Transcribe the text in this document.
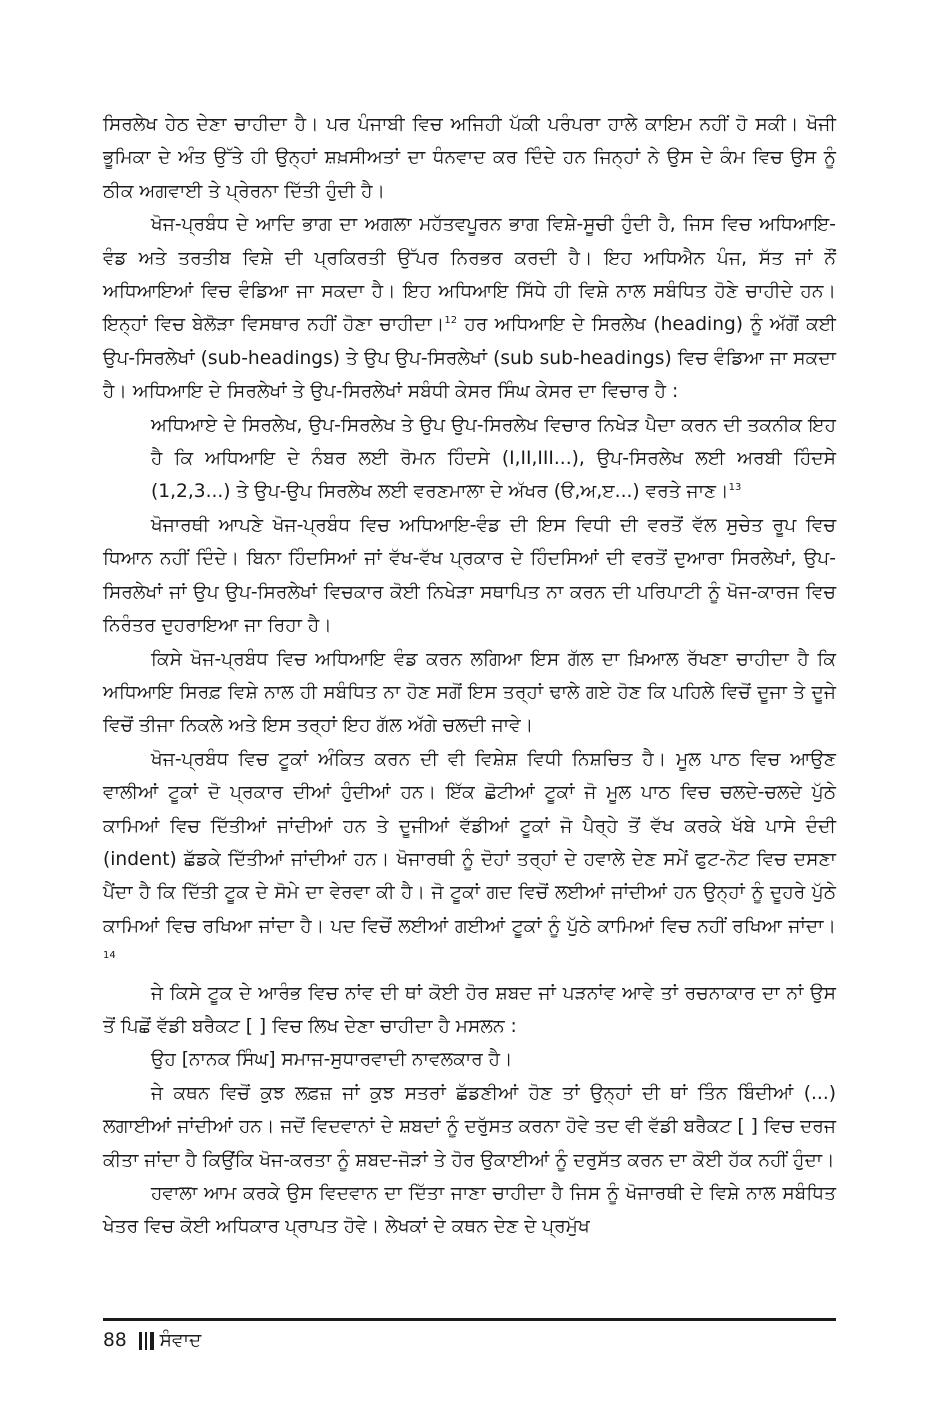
ਸਿਰਲੇਖ ਹੇਠ ਦੇਣਾ ਚਾਹੀਦਾ ਹੈ। ਪਰ ਪੰਜਾਬੀ ਵਿਚ ਅਜਿਹੀ ਪੱਕੀ ਪਰੰਪਰਾ ਹਾਲੇ ਕਾਇਮ ਨਹੀਂ ਹੋ ਸਕੀ। ਖੋਜੀ ਭੂਮਿਕਾ ਦੇ ਅੰਤ ਉੱਤੇ ਹੀ ਉਨ੍ਹਾਂ ਸ਼ਖ਼ਸੀਅਤਾਂ ਦਾ ਧੰਨਵਾਦ ਕਰ ਦਿੰਦੇ ਹਨ ਜਿਨ੍ਹਾਂ ਨੇ ਉਸ ਦੇ ਕੰਮ ਵਿਚ ਉਸ ਨੂੰ ਠੀਕ ਅਗਵਾਈ ਤੇ ਪ੍ਰੇਰਨਾ ਦਿੱਤੀ ਹੁੰਦੀ ਹੈ।

ਖੋਜ-ਪ੍ਰਬੰਧ ਦੇ ਆਦਿ ਭਾਗ ਦਾ ਅਗਲਾ ਮਹੱਤਵਪੂਰਨ ਭਾਗ ਵਿਸ਼ੇ-ਸੂਚੀ ਹੁੰਦੀ ਹੈ, ਜਿਸ ਵਿਚ ਅਧਿਆਇ-ਵੰਡ ਅਤੇ ਤਰਤੀਬ ਵਿਸ਼ੇ ਦੀ ਪ੍ਰਕਿਰਤੀ ਉੱਪਰ ਨਿਰਭਰ ਕਰਦੀ ਹੈ। ਇਹ ਅਧਿਐਨ ਪੰਜ, ਸੱਤ ਜਾਂ ਨੌਂ ਅਧਿਆਇਆਂ ਵਿਚ ਵੰਡਿਆ ਜਾ ਸਕਦਾ ਹੈ। ਇਹ ਅਧਿਆਇ ਸਿੱਧੇ ਹੀ ਵਿਸ਼ੇ ਨਾਲ ਸਬੰਧਿਤ ਹੋਣੇ ਚਾਹੀਦੇ ਹਨ। ਇਨ੍ਹਾਂ ਵਿਚ ਬੇਲੋੜਾ ਵਿਸਥਾਰ ਨਹੀਂ ਹੋਣਾ ਚਾਹੀਦਾ।$^{12}$ ਹਰ ਅਧਿਆਇ ਦੇ ਸਿਰਲੇਖ (heading) ਨੂੰ ਅੱਗੋਂ ਕਈ ਉਪ-ਸਿਰਲੇਖਾਂ (sub-headings) ਤੇ ਉਪ ਉਪ-ਸਿਰਲੇਖਾਂ (sub sub-headings) ਵਿਚ ਵੰਡਿਆ ਜਾ ਸਕਦਾ ਹੈ। ਅਧਿਆਇ ਦੇ ਸਿਰਲੇਖਾਂ ਤੇ ਉਪ-ਸਿਰਲੇਖਾਂ ਸਬੰਧੀ ਕੇਸਰ ਸਿੰਘ ਕੇਸਰ ਦਾ ਵਿਚਾਰ ਹੈ :

ਅਧਿਆਏ ਦੇ ਸਿਰਲੇਖ, ਉਪ-ਸਿਰਲੇਖ ਤੇ ਉਪ ਉਪ-ਸਿਰਲੇਖ ਵਿਚਾਰ ਨਿਖੇੜ ਪੈਦਾ ਕਰਨ ਦੀ ਤਕਨੀਕ ਇਹ ਹੈ ਕਿ ਅਧਿਆਇ ਦੇ ਨੰਬਰ ਲਈ ਰੋਮਨ ਹਿੰਦਸੇ (I,II,III...), ਉਪ-ਸਿਰਲੇਖ ਲਈ ਅਰਬੀ ਹਿੰਦਸੇ (1,2,3...) ਤੇ ਉਪ-ਉਪ ਸਿਰਲੇਖ ਲਈ ਵਰਣਮਾਲਾ ਦੇ ਅੱਖਰ (ੳ,ਅ,ੲ...) ਵਰਤੇ ਜਾਣ।$^{13}$

ਖੋਜਾਰਥੀ ਆਪਣੇ ਖੋਜ-ਪ੍ਰਬੰਧ ਵਿਚ ਅਧਿਆਇ-ਵੰਡ ਦੀ ਇਸ ਵਿਧੀ ਦੀ ਵਰਤੋਂ ਵੱਲ ਸੁਚੇਤ ਰੂਪ ਵਿਚ ਧਿਆਨ ਨਹੀਂ ਦਿੰਦੇ। ਬਿਨਾ ਹਿੰਦਸਿਆਂ ਜਾਂ ਵੱਖ-ਵੱਖ ਪ੍ਰਕਾਰ ਦੇ ਹਿੰਦਸਿਆਂ ਦੀ ਵਰਤੋਂ ਦੁਆਰਾ ਸਿਰਲੇਖਾਂ, ਉਪ-ਸਿਰਲੇਖਾਂ ਜਾਂ ਉਪ ਉਪ-ਸਿਰਲੇਖਾਂ ਵਿਚਕਾਰ ਕੋਈ ਨਿਖੇੜਾ ਸਥਾਪਿਤ ਨਾ ਕਰਨ ਦੀ ਪਰਿਪਾਟੀ ਨੂੰ ਖੋਜ-ਕਾਰਜ ਵਿਚ ਨਿਰੰਤਰ ਦੁਹਰਾਇਆ ਜਾ ਰਿਹਾ ਹੈ।

ਕਿਸੇ ਖੋਜ-ਪ੍ਰਬੰਧ ਵਿਚ ਅਧਿਆਇ ਵੰਡ ਕਰਨ ਲਗਿਆ ਇਸ ਗੱਲ ਦਾ ਖ਼ਿਆਲ ਰੱਖਣਾ ਚਾਹੀਦਾ ਹੈ ਕਿ ਅਧਿਆਇ ਸਿਰਫ਼ ਵਿਸ਼ੇ ਨਾਲ ਹੀ ਸਬੰਧਿਤ ਨਾ ਹੋਣ ਸਗੋਂ ਇਸ ਤਰ੍ਹਾਂ ਢਾਲੇ ਗਏ ਹੋਣ ਕਿ ਪਹਿਲੇ ਵਿਚੋਂ ਦੂਜਾ ਤੇ ਦੂਜੇ ਵਿਚੋਂ ਤੀਜਾ ਨਿਕਲੇ ਅਤੇ ਇਸ ਤਰ੍ਹਾਂ ਇਹ ਗੱਲ ਅੱਗੇ ਚਲਦੀ ਜਾਵੇ।

ਖੋਜ-ਪ੍ਰਬੰਧ ਵਿਚ ਟੂਕਾਂ ਅੰਕਿਤ ਕਰਨ ਦੀ ਵੀ ਵਿਸ਼ੇਸ਼ ਵਿਧੀ ਨਿਸ਼ਚਿਤ ਹੈ। ਮੂਲ ਪਾਠ ਵਿਚ ਆਉਣ ਵਾਲੀਆਂ ਟੂਕਾਂ ਦੋ ਪ੍ਰਕਾਰ ਦੀਆਂ ਹੁੰਦੀਆਂ ਹਨ। ਇੱਕ ਛੋਟੀਆਂ ਟੂਕਾਂ ਜੋ ਮੂਲ ਪਾਠ ਵਿਚ ਚਲਦੇ-ਚਲਦੇ ਪੁੱਠੇ ਕਾਮਿਆਂ ਵਿਚ ਦਿੱਤੀਆਂ ਜਾਂਦੀਆਂ ਹਨ ਤੇ ਦੂਜੀਆਂ ਵੱਡੀਆਂ ਟੂਕਾਂ ਜੋ ਪੈਰ੍ਹੇ ਤੋਂ ਵੱਖ ਕਰਕੇ ਖੱਬੇ ਪਾਸੇ ਦੰਦੀ (indent) ਛੱਡਕੇ ਦਿੱਤੀਆਂ ਜਾਂਦੀਆਂ ਹਨ। ਖੋਜਾਰਥੀ ਨੂੰ ਦੋਹਾਂ ਤਰ੍ਹਾਂ ਦੇ ਹਵਾਲੇ ਦੇਣ ਸਮੇਂ ਫੁਟ-ਨੋਟ ਵਿਚ ਦਸਣਾ ਪੈਂਦਾ ਹੈ ਕਿ ਦਿੱਤੀ ਟੂਕ ਦੇ ਸੋਮੇ ਦਾ ਵੇਰਵਾ ਕੀ ਹੈ। ਜੋ ਟੂਕਾਂ ਗਦ ਵਿਚੋਂ ਲਈਆਂ ਜਾਂਦੀਆਂ ਹਨ ਉਨ੍ਹਾਂ ਨੂੰ ਦੂਹਰੇ ਪੁੱਠੇ ਕਾਮਿਆਂ ਵਿਚ ਰਖਿਆ ਜਾਂਦਾ ਹੈ। ਪਦ ਵਿਚੋਂ ਲਈਆਂ ਗਈਆਂ ਟੂਕਾਂ ਨੂੰ ਪੁੱਠੇ ਕਾਮਿਆਂ ਵਿਚ ਨਹੀਂ ਰਖਿਆ ਜਾਂਦਾ।$^{14}$

ਜੇ ਕਿਸੇ ਟੂਕ ਦੇ ਆਰੰਭ ਵਿਚ ਨਾਂਵ ਦੀ ਥਾਂ ਕੋਈ ਹੋਰ ਸ਼ਬਦ ਜਾਂ ਪੜਨਾਂਵ ਆਵੇ ਤਾਂ ਰਚਨਾਕਾਰ ਦਾ ਨਾਂ ਉਸ ਤੋਂ ਪਿਛੋਂ ਵੱਡੀ ਬਰੈਕਟ [ ] ਵਿਚ ਲਿਖ ਦੇਣਾ ਚਾਹੀਦਾ ਹੈ ਮਸਲਨ :

ਉਹ [ਨਾਨਕ ਸਿੰਘ] ਸਮਾਜ-ਸੁਧਾਰਵਾਦੀ ਨਾਵਲਕਾਰ ਹੈ।

ਜੇ ਕਥਨ ਵਿਚੋਂ ਕੁਝ ਲਫ਼ਜ਼ ਜਾਂ ਕੁਝ ਸਤਰਾਂ ਛੱਡਣੀਆਂ ਹੋਣ ਤਾਂ ਉਨ੍ਹਾਂ ਦੀ ਥਾਂ ਤਿੰਨ ਬਿੰਦੀਆਂ (...) ਲਗਾਈਆਂ ਜਾਂਦੀਆਂ ਹਨ। ਜਦੋਂ ਵਿਦਵਾਨਾਂ ਦੇ ਸ਼ਬਦਾਂ ਨੂੰ ਦਰੁੱਸਤ ਕਰਨਾ ਹੋਵੇ ਤਦ ਵੀ ਵੱਡੀ ਬਰੈਕਟ [ ] ਵਿਚ ਦਰਜ ਕੀਤਾ ਜਾਂਦਾ ਹੈ ਕਿਉਂਕਿ ਖੋਜ-ਕਰਤਾ ਨੂੰ ਸ਼ਬਦ-ਜੋੜਾਂ ਤੇ ਹੋਰ ਉਕਾਈਆਂ ਨੂੰ ਦਰੁਸੱਤ ਕਰਨ ਦਾ ਕੋਈ ਹੱਕ ਨਹੀਂ ਹੁੰਦਾ।

ਹਵਾਲਾ ਆਮ ਕਰਕੇ ਉਸ ਵਿਦਵਾਨ ਦਾ ਦਿੱਤਾ ਜਾਣਾ ਚਾਹੀਦਾ ਹੈ ਜਿਸ ਨੂੰ ਖੋਜਾਰਥੀ ਦੇ ਵਿਸ਼ੇ ਨਾਲ ਸਬੰਧਿਤ ਖੇਤਰ ਵਿਚ ਕੋਈ ਅਧਿਕਾਰ ਪ੍ਰਾਪਤ ਹੋਵੇ। ਲੇਖਕਾਂ ਦੇ ਕਥਨ ਦੇਣ ਦੇ ਪ੍ਰਮੁੱਖ

88 ਸੰਵਾਦ
